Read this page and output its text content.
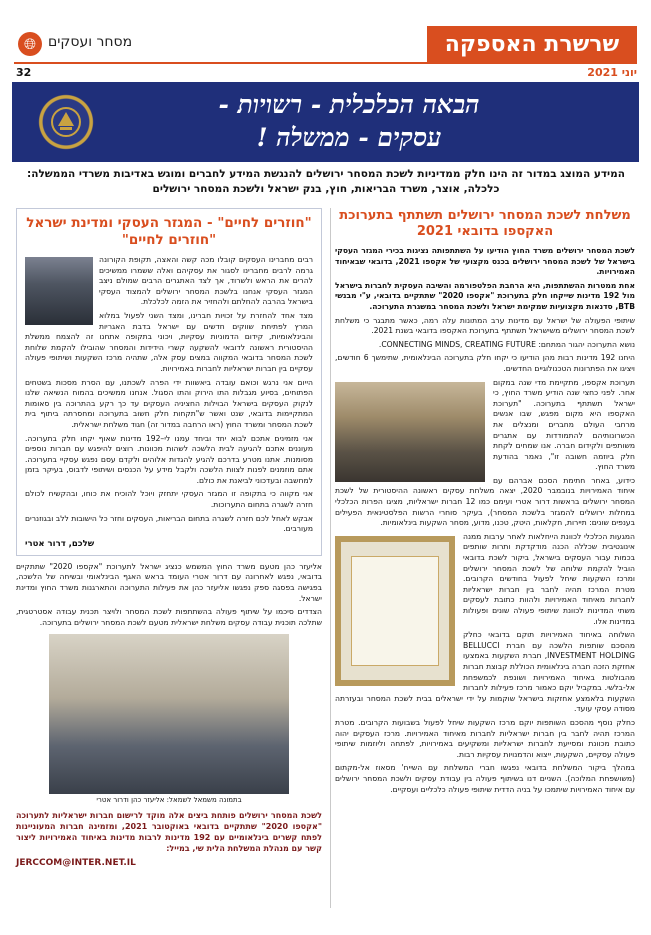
שרשרת האספקה
מסחר ועסקים
🌐︎
יוני 2021
32
הבאה הכלכלית - רשויות -
עסקים - ממשלה !
המידע המוצג במדור זה הינו חלק ממדיניות לשכת המסחר ירושלים להנגשת המידע לחברים ומוגש באדיבות משרדי הממשלה: כלכלה, אוצר, משרד הבריאות, חוץ, בנק ישראל ולשכת המסחר ירושלים
משלחת לשכת המסחר ירושלים תשתתף בתערוכת האקספו בדובאי 2021

לשכת המסחר ירושלים משרד החוץ הודיעו על השתתפותה נציגות בכירי המגזר העסקי בישראל של לשכת המסחר ירושלים בכנס מקצועי של אקספו 2021, בדובאי שבאיחוד האמירויות.

אחת ממטרות ההשתתפות, היא הרחבת הפלטפורמה והשיבה העסקית לחברות בישראל מול 192 מדינות שייקחו חלק בתערוכת "אקספו 2020" שתתקיים בדובאי, ע"י מבנשי BTB, סדנאות מקצועיות שמקימת ישראל ולשכת המסחר במשגרת התערוכה.

שיתופי הפעולה של ישראל עם מדינות ערב המתונות עלה רמה, כאשר מתבגר כי משלחת לשכת המסחר ירושלים משישראל תשתתף בתערוכת האקספו בדובאי בשנת 2021.

נושא התערוכה יהגור המתחם: CONNECTING MINDS, CREATING FUTURE.

היחנו 192 מדינות רבות מהן הודיעו כי יקחו חלק בתערוכה הבינלאומית, שתימשך 6 חודשים, ויציגו את הפתרונות הטכנולוגיים החדשים.

תערוכת אקספו, מתקיימת מדי שנה במקום אחר. לפני כחצי שנה הודיע משרד החוץ, כי ישראל תשתתף בתערוכה. "תערוכת האקספו היא מקום מפגש, שבו אנשים מרחבי העולם מחברים ומנצלים את הכשרונותיהם להתמודדות עם אתגרים משותפים ולקידום חברה. אנו שמחים לקחת חלק ביוזמה חשובה זו", נאמר בהודעת משרד החוץ.

כידוע, באחר חתימת הסכם אברהם עם איחוד האמירויות בנובמבר 2020, יצאה משלחת עסקים ראשונה ההיסטורית של לשכת המסחר ירושלים בראשות דרור אטרי ועימם כמו 12 חברות ישראליות, מציגו הפרות הכלכלי במחלות ירושלים להמגזר בלשכת המסחר), בעיקר סוחרי הרשות הפלסטינאית הפעילים בענפים שונים: תיירות, חקלאות, היטק, טכנו, מדוע, מסחר השקעות בינלאומיות.

המגעות הכלכלי לכוונת הייחלאות לאחר ערבות ממנה אינוגטיבית שכללה הכנה מודקדקת ותרות שותפים בכמות עבור העסקים בישראל, ביקור לשכת בדובאי הוביל להקמת שלוחה של לשכת המסחר ירושלים ומרכז השקעות שיחל לפעול בחודשים הקרובים. מטרת המרכז תהיה לחבר בין חברות ישראליות לחברות מאיחוד האמירויות ולהוות כתובת לעסקים משתי המדינות לכוונת שיתופי פעולה שונים ופעולות במדינות אלו.

השלוחה באיחוד האמירויות תוקם בדובאי כחלק מהסכם שותפות הלשכה עם חברת BELLUCCI INVESTMENT HOLDING, חברת השקעות באמצעו אחזקת הזכה חברה בינלאומית הכוללת קבוצת חברות מהבולטות באיחוד האמירויות ושונפת לכמשפחת אל-בלשי. במקביל יוקם כאמור מרכז פעילות לחברות השקעות בלאמצע אחזקות בישראל שוקמות על ידי ישראלים בבית לשכת המסחר ובעזרתה מסודה עסקי עועד.

כחלק נוסף מהסכם השותפות יוקם מרכז השקעות שיחל לפעול בשבועות הקרובים. מטרת המרכז תהיה לחבר בין חברות ישראליות לחברות מאיחוד האמירויות. מרכז העסקים יהוה כתובת מכוונת ומסייעת לחברות ישראליות ומשקיעים באמירויות, לפתחה וליוזמות שיתופי פעולה עסקיים, השקעות, ייצוא והדמנויות עסקיות רבות.

במהלך ביקור המשלחת בדובאי נפגשו חברי המשלחת עם השייח' מסאוז אל-מקתום (משושפחת המלוכה). השניים דנו בשיתוף פעולה בין עבודת עסקים ולשכת המסחר ירושלים עם איחוד האמירויות שיתמכו על בניה הדדית שיתופי פעולה כלכליים ועסקיים.

"חוזרים לחיים" - המגזר העסקי ומדינת ישראל "חוזרים לחיים"

רבים מחברינו העסקים קובלו מכה קשה והאצה, תקופת הקורונה גרמה לרבים מחברינו לסגור את עסקיהם ואלה ששמרו ממשיכים להרים את הראש ולשרוד, אך לצד האתגרים הרבים שמולם ניצב המגזר העסקי אנחנו בלשכת המסחר ירושלים להמצוד העסקי בישראל בהרבה להחלתם ולהחזיר את הזמה לכלכלת.

מצד אחד להחזרת על זכויות חברינו, ומצד השני לפעול במלוא המרץ לפתיחת שווקים חדשים עם ישראל בדבת האגריות והבינלאומיות, קידום הדמוניות עסקיות, ויכוני בתקופה אתחנו זה להצמח ממשלת ההיסטורית ראשונה לדובאי להשקעה קשרי הידידות והמסחר שהובילו להקמת שלוחת לשכת המסחר בדובאי המקווה במצים עסק אלה, שתהיה מרכז השקעות ושיתופי פעולה עסקיים בין חברות ישראליות לחברות באמירויות.

הייום אני נרגש וכואם עובדה ביאשוות ידי הפרה לשכתנו, עם הסרת מסכות בשטחים הפתוחים, בסיוע מגבלות התו הירוק והתו הסגול. אנחנו ממשיכים בהמוח הנשיאה שלנו לנקוק העסקים בישראל הבוילות החציניה העסקים עד כך רקע בהתרוכה בין סאומות המתקיימות בדובאי, שנט ואשר ש"תקחות חלק חשוב בתערוכה ומחסרתה ביתוף בית לשכת המסחר ומשרד החוץ (ראו הרחבה במדור זה) חגוד משלחת ישראלית.

אני מזמינים אתכם לבוא יחד וביחד עמנו לי–192 מדינות שאוף יקחו חלק בתערוכה. מעוננים אתכם להגיעה לבית הלשכה לשהות מכוונות. רוצים להיפגש עם חברות נוספים מסומנות. אתנו מטרע בדרכם להגיע להגדות אלוהים ולקדם עסם נפגש עסקיי בתערוכה. אתם מוזמנים לפנות לצוות הלשכה ולקבל מידע על הכנסים ושיתופי לדבוס, בעיקר בזמן למחשבה ובעדכוני לביאנת את כולם.

אני מקווה כי בתקופה זו המגזר העסקי יתחזק ויוכל להוכיח את כוחו, ובהקשיח לכולם חזרה לשגרה בתחום התערוכות.

אבקש לאחל לכם חזרה לשגרה בתחום הבריאות, העסקים וחזר כל הישובות ללב ובגוזנרים מעורבים.

שלכם, דרור אטרי

אליעזר כהן מטעם משרד החוץ המשמש כנציג ישראל לתערוכת "אקספו 2020" שתתקיים בדובאי, נפגש לאחרונה עם דרור אטרי העומד בראש האגף הבינלאומי ובשיחה של הלשכה, בפגישה בפסגה ספק נפגשו אליעזר כהן את פעילות התערוכה והתארגנות משרד החוץ ומדינת ישראל.

הצדדים סיכמו על שיתוף פעולה בהשתתפות לשכת המסחר ולויצר תכנית עבודה אסטרטגית, שתלכה תוכנית עבודה עסקים משלחת ישראלית מטעם לשכת המסחר ירושלים בתערוכה.

בתמונה משמאל לשמאל: אליעזר כהן ודרור אטרי
לשכת המסחר ירושלים פותחת ביצים אלה מוקד לרישום חברות ישראליות לתערוכה "אקספו 2020" שתתקיים בדובאי באוקטובר 2021, ומזמינה חברות המעוניינות לפתח קשרים בינלאומיים עם 192 מדינות לרבות מדינות באיחוד האמירויות ליצור קשר עם מנהלת המשלחת הלית שי, במייל:
JERCCOM@INTER.NET.IL
